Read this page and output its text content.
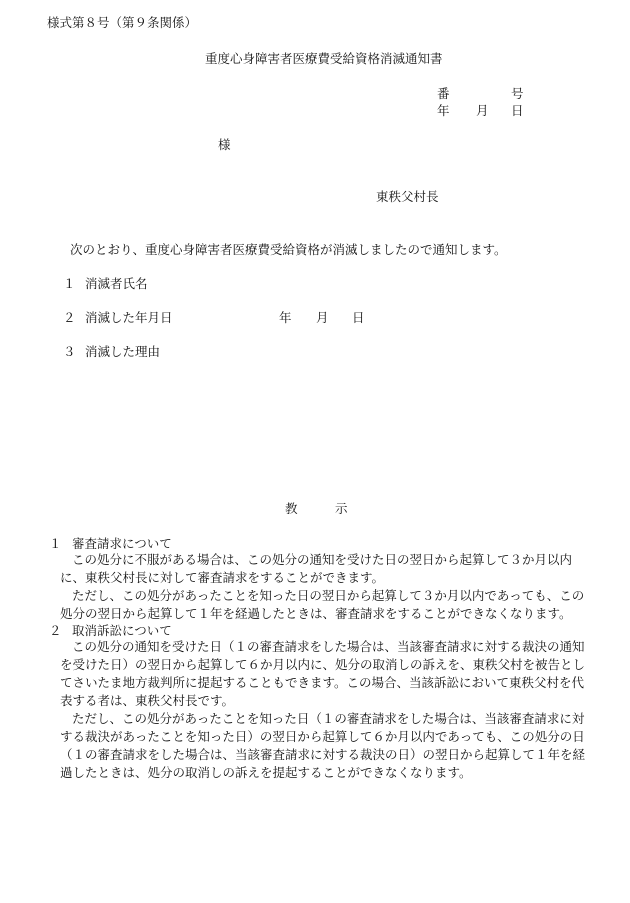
様式第８号（第９条関係）
重度心身障害者医療費受給資格消滅通知書
番	号
年 月 日
様
東秩父村長
次のとおり、重度心身障害者医療費受給資格が消滅しましたので通知します。
１ 消滅者氏名
２ 消滅した年月日	年 月 日
３ 消滅した理由
教	示
１ 審査請求について

この処分に不服がある場合は、この処分の通知を受けた日の翌日から起算して３か月以内に、東秩父村長に対して審査請求をすることができます。

ただし、この処分があったことを知った日の翌日から起算して３か月以内であっても、この処分の翌日から起算して１年を経過したときは、審査請求をすることができなくなります。

２ 取消訴訟について

この処分の通知を受けた日（１の審査請求をした場合は、当該審査請求に対する裁決の通知を受けた日）の翌日から起算して６か月以内に、処分の取消しの訴えを、東秩父村を被告としてさいたま地方裁判所に提起することもできます。この場合、当該訴訟において東秩父村を代表する者は、東秩父村長です。

ただし、この処分があったことを知った日（１の審査請求をした場合は、当該審査請求に対する裁決があったことを知った日）の翌日から起算して６か月以内であっても、この処分の日（１の審査請求をした場合は、当該審査請求に対する裁決の日）の翌日から起算して１年を経過したときは、処分の取消しの訴えを提起することができなくなります。
